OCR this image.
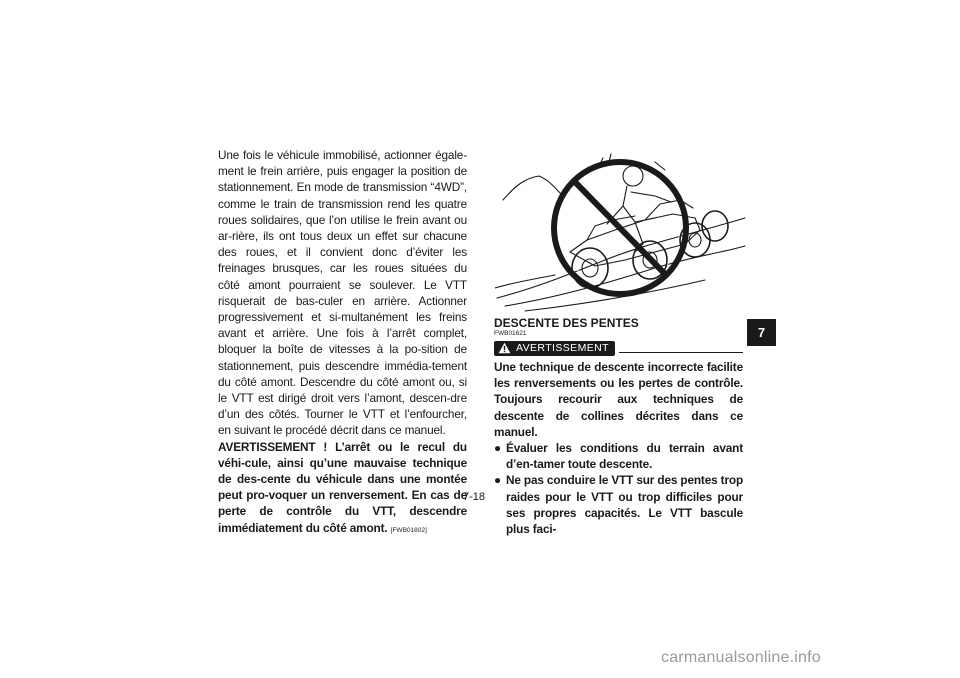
Une fois le véhicule immobilisé, actionner égale-ment le frein arrière, puis engager la position de stationnement. En mode de transmission “4WD”, comme le train de transmission rend les quatre roues solidaires, que l’on utilise le frein avant ou ar-rière, ils ont tous deux un effet sur chacune des roues, et il convient donc d’éviter les freinages brusques, car les roues situées du côté amont pourraient se soulever. Le VTT risquerait de bas-culer en arrière. Actionner progressivement et si-multanément les freins avant et arrière. Une fois à l’arrêt complet, bloquer la boîte de vitesses à la po-sition de stationnement, puis descendre immédia-tement du côté amont. Descendre du côté amont ou, si le VTT est dirigé droit vers l’amont, descen-dre d’un des côtés. Tourner le VTT et l’enfourcher, en suivant le procédé décrit dans ce manuel.

AVERTISSEMENT ! L’arrêt ou le recul du véhi-cule, ainsi qu’une mauvaise technique de des-cente du véhicule dans une montée peut pro-voquer un renversement. En cas de perte de contrôle du VTT, descendre immédiatement du côté amont. [FWB01802]

DESCENTE DES PENTES

FWB01621

AVERTISSEMENT

Une technique de descente incorrecte facilite les renversements ou les pertes de contrôle. Toujours recourir aux techniques de descente de collines décrites dans ce manuel.

● Évaluer les conditions du terrain avant d’en-tamer toute descente.
● Ne pas conduire le VTT sur des pentes trop raides pour le VTT ou trop difficiles pour ses propres capacités. Le VTT bascule plus faci-
7
7-18
carmanualsonline.info
